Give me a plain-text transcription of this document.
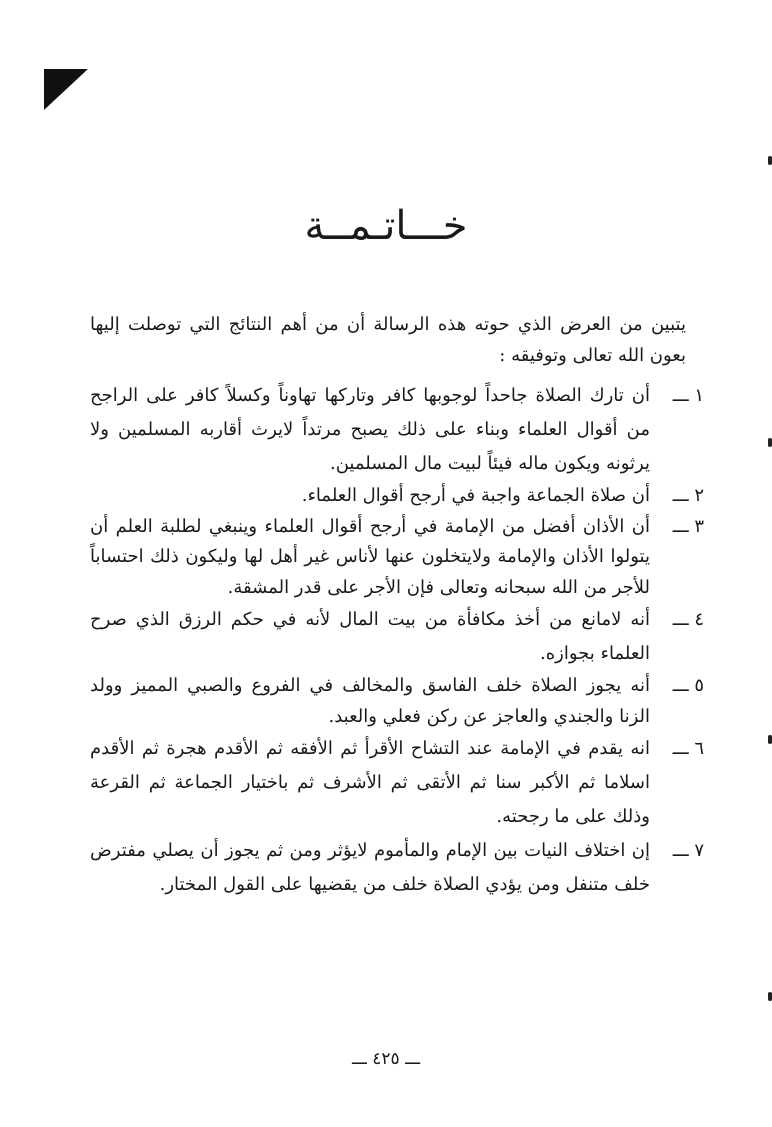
خـــاتـمــة

يتبين من العرض الذي حوته هذه الرسالة أن من أهم النتائج التي توصلت إليها بعون الله تعالى وتوفيقه :

١ ـــ
أن تارك الصلاة جاحداً لوجوبها كافر وتاركها تهاوناً وكسلاً كافر على الراجح من أقوال العلماء وبناء على ذلك يصبح مرتداً لايرث أقاربه المسلمين ولا يرثونه ويكون ماله فيئاً لبيت مال المسلمين.
٢ ـــ
أن صلاة الجماعة واجبة في أرجح أقوال العلماء.
٣ ـــ
أن الأذان أفضل من الإمامة في أرجح أقوال العلماء وينبغي لطلبة العلم أن يتولوا الأذان والإمامة ولايتخلون عنها لأناس غير أهل لها وليكون ذلك احتساباً للأجر من الله سبحانه وتعالى فإن الأجر على قدر المشقة.
٤ ـــ
أنه لامانع من أخذ مكافأة من بيت المال لأنه في حكم الرزق الذي صرح العلماء بجوازه.
٥ ـــ
أنه يجوز الصلاة خلف الفاسق والمخالف في الفروع والصبي المميز وولد الزنا والجندي والعاجز عن ركن فعلي والعبد.
٦ ـــ
انه يقدم في الإمامة عند التشاح الأقرأ ثم الأفقه ثم الأقدم هجرة ثم الأقدم اسلاما ثم الأكبر سنا ثم الأتقى ثم الأشرف ثم باختيار الجماعة ثم القرعة وذلك على ما رجحته.
٧ ـــ
إن اختلاف النيات بين الإمام والمأموم لايؤثر ومن ثم يجوز أن يصلي مفترض خلف متنفل ومن يؤدي الصلاة خلف من يقضيها على القول المختار.
ـــ ٤٢٥ ـــ
